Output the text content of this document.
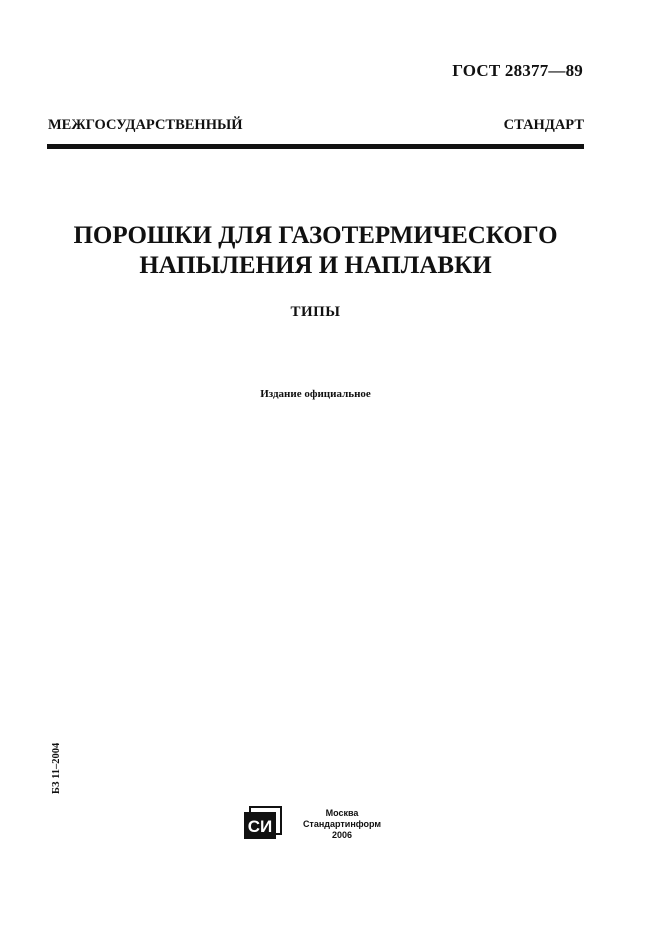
ГОСТ 28377—89
МЕЖГОСУДАРСТВЕННЫЙ СТАНДАРТ
ПОРОШКИ ДЛЯ ГАЗОТЕРМИЧЕСКОГО
НАПЫЛЕНИЯ И НАПЛАВКИ
ТИПЫ
Издание официальное
БЗ 11–2004
СИ
Москва
Стандартинформ
2006
